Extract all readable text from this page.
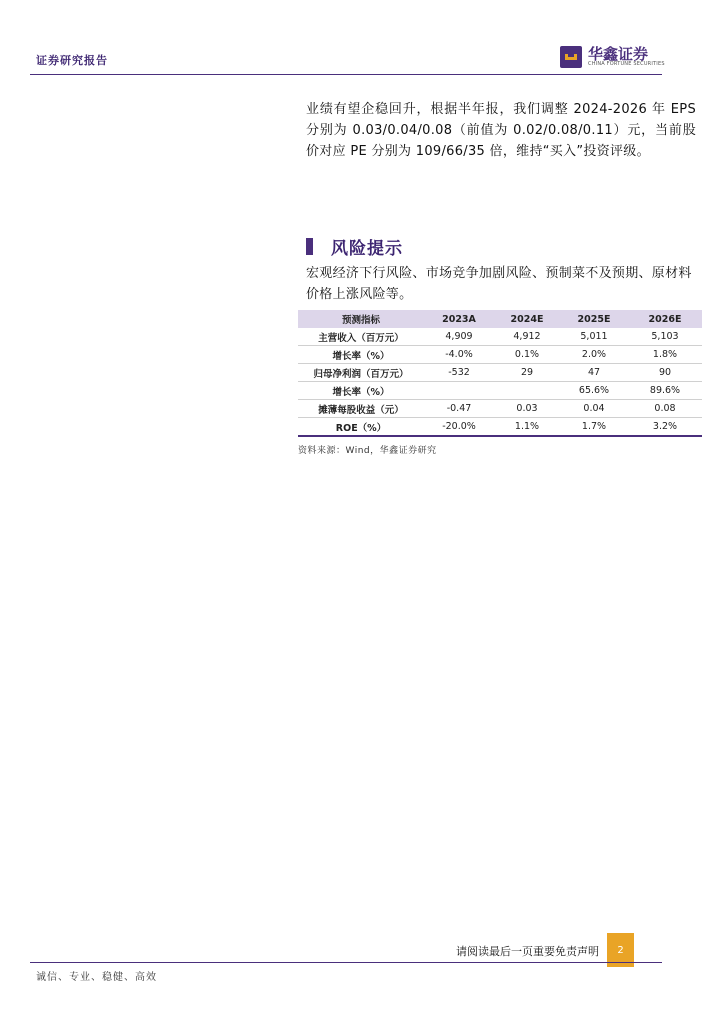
证券研究报告	华鑫证券
CHINA FORTUNE SECURITIES
业绩有望企稳回升，根据半年报，我们调整 2024-2026 年 EPS 分别为 0.03/0.04/0.08（前值为 0.02/0.08/0.11）元，当前股价对应 PE 分别为 109/66/35 倍，维持“买入”投资评级。
风险提示
宏观经济下行风险、市场竞争加剧风险、预制菜不及预期、原材料价格上涨风险等。
预测指标	2023A	2024E	2025E	2026E
主营收入（百万元）	4,909	4,912	5,011	5,103
增长率（%）	-4.0%	0.1%	2.0%	1.8%
归母净利润（百万元）	-532	29	47	90
增长率（%）			65.6%	89.6%
摊薄每股收益（元）	-0.47	0.03	0.04	0.08
ROE（%）	-20.0%	1.1%	1.7%	3.2%
资料来源：Wind，华鑫证券研究
请阅读最后一页重要免责声明	2
诚信、专业、稳健、高效
